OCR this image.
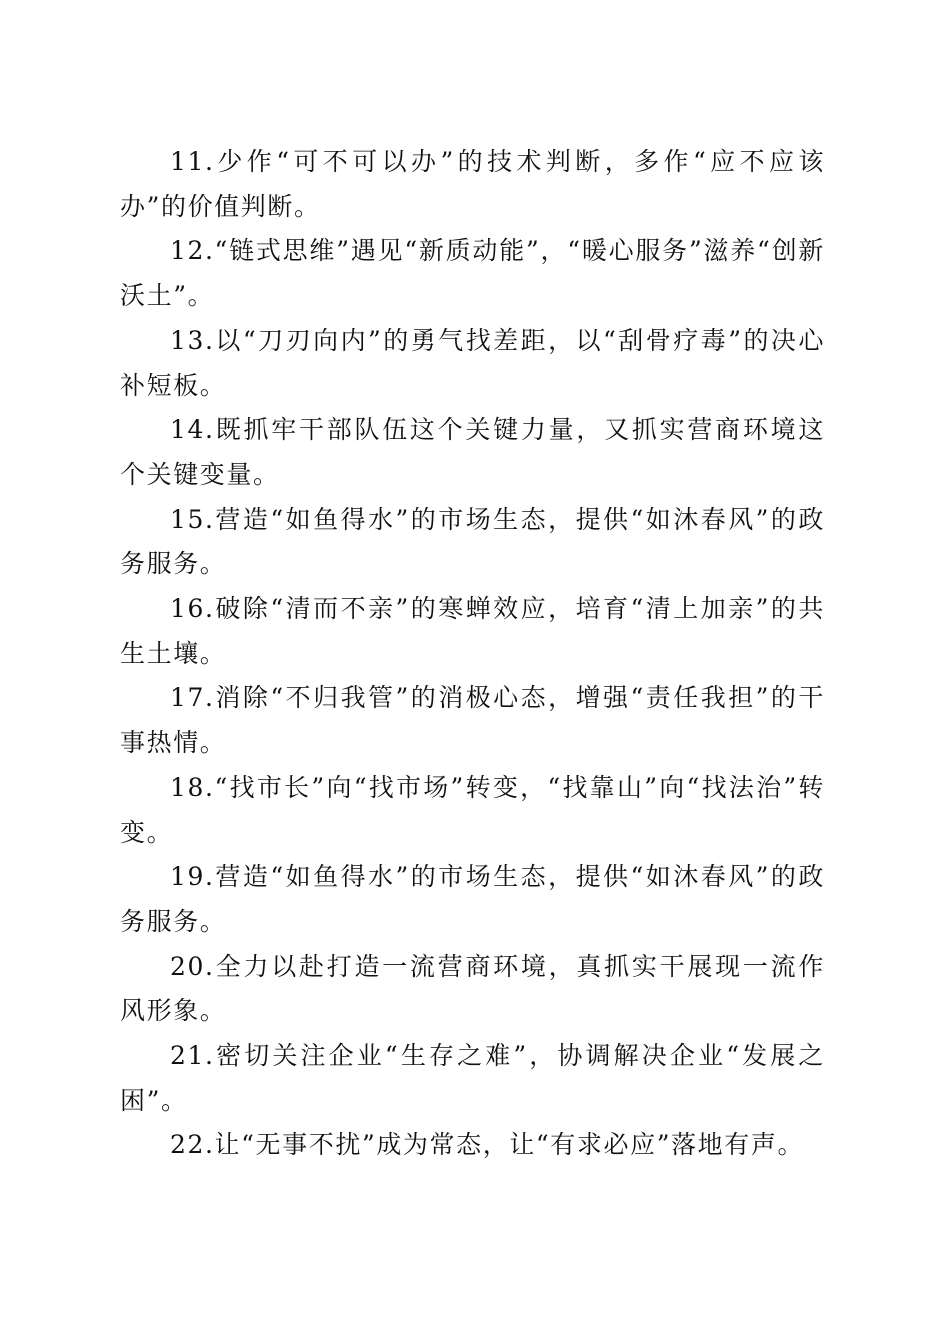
11.少作“可不可以办”的技术判断，多作“应不应该办”的价值判断。

12.“链式思维”遇见“新质动能”，“暖心服务”滋养“创新沃土”。

13.以“刀刃向内”的勇气找差距，以“刮骨疗毒”的决心补短板。

14.既抓牢干部队伍这个关键力量，又抓实营商环境这个关键变量。

15.营造“如鱼得水”的市场生态，提供“如沐春风”的政务服务。

16.破除“清而不亲”的寒蝉效应，培育“清上加亲”的共生土壤。

17.消除“不归我管”的消极心态，增强“责任我担”的干事热情。

18.“找市长”向“找市场”转变，“找靠山”向“找法治”转变。

19.营造“如鱼得水”的市场生态，提供“如沐春风”的政务服务。

20.全力以赴打造一流营商环境，真抓实干展现一流作风形象。

21.密切关注企业“生存之难”，协调解决企业“发展之困”。

22.让“无事不扰”成为常态，让“有求必应”落地有声。
